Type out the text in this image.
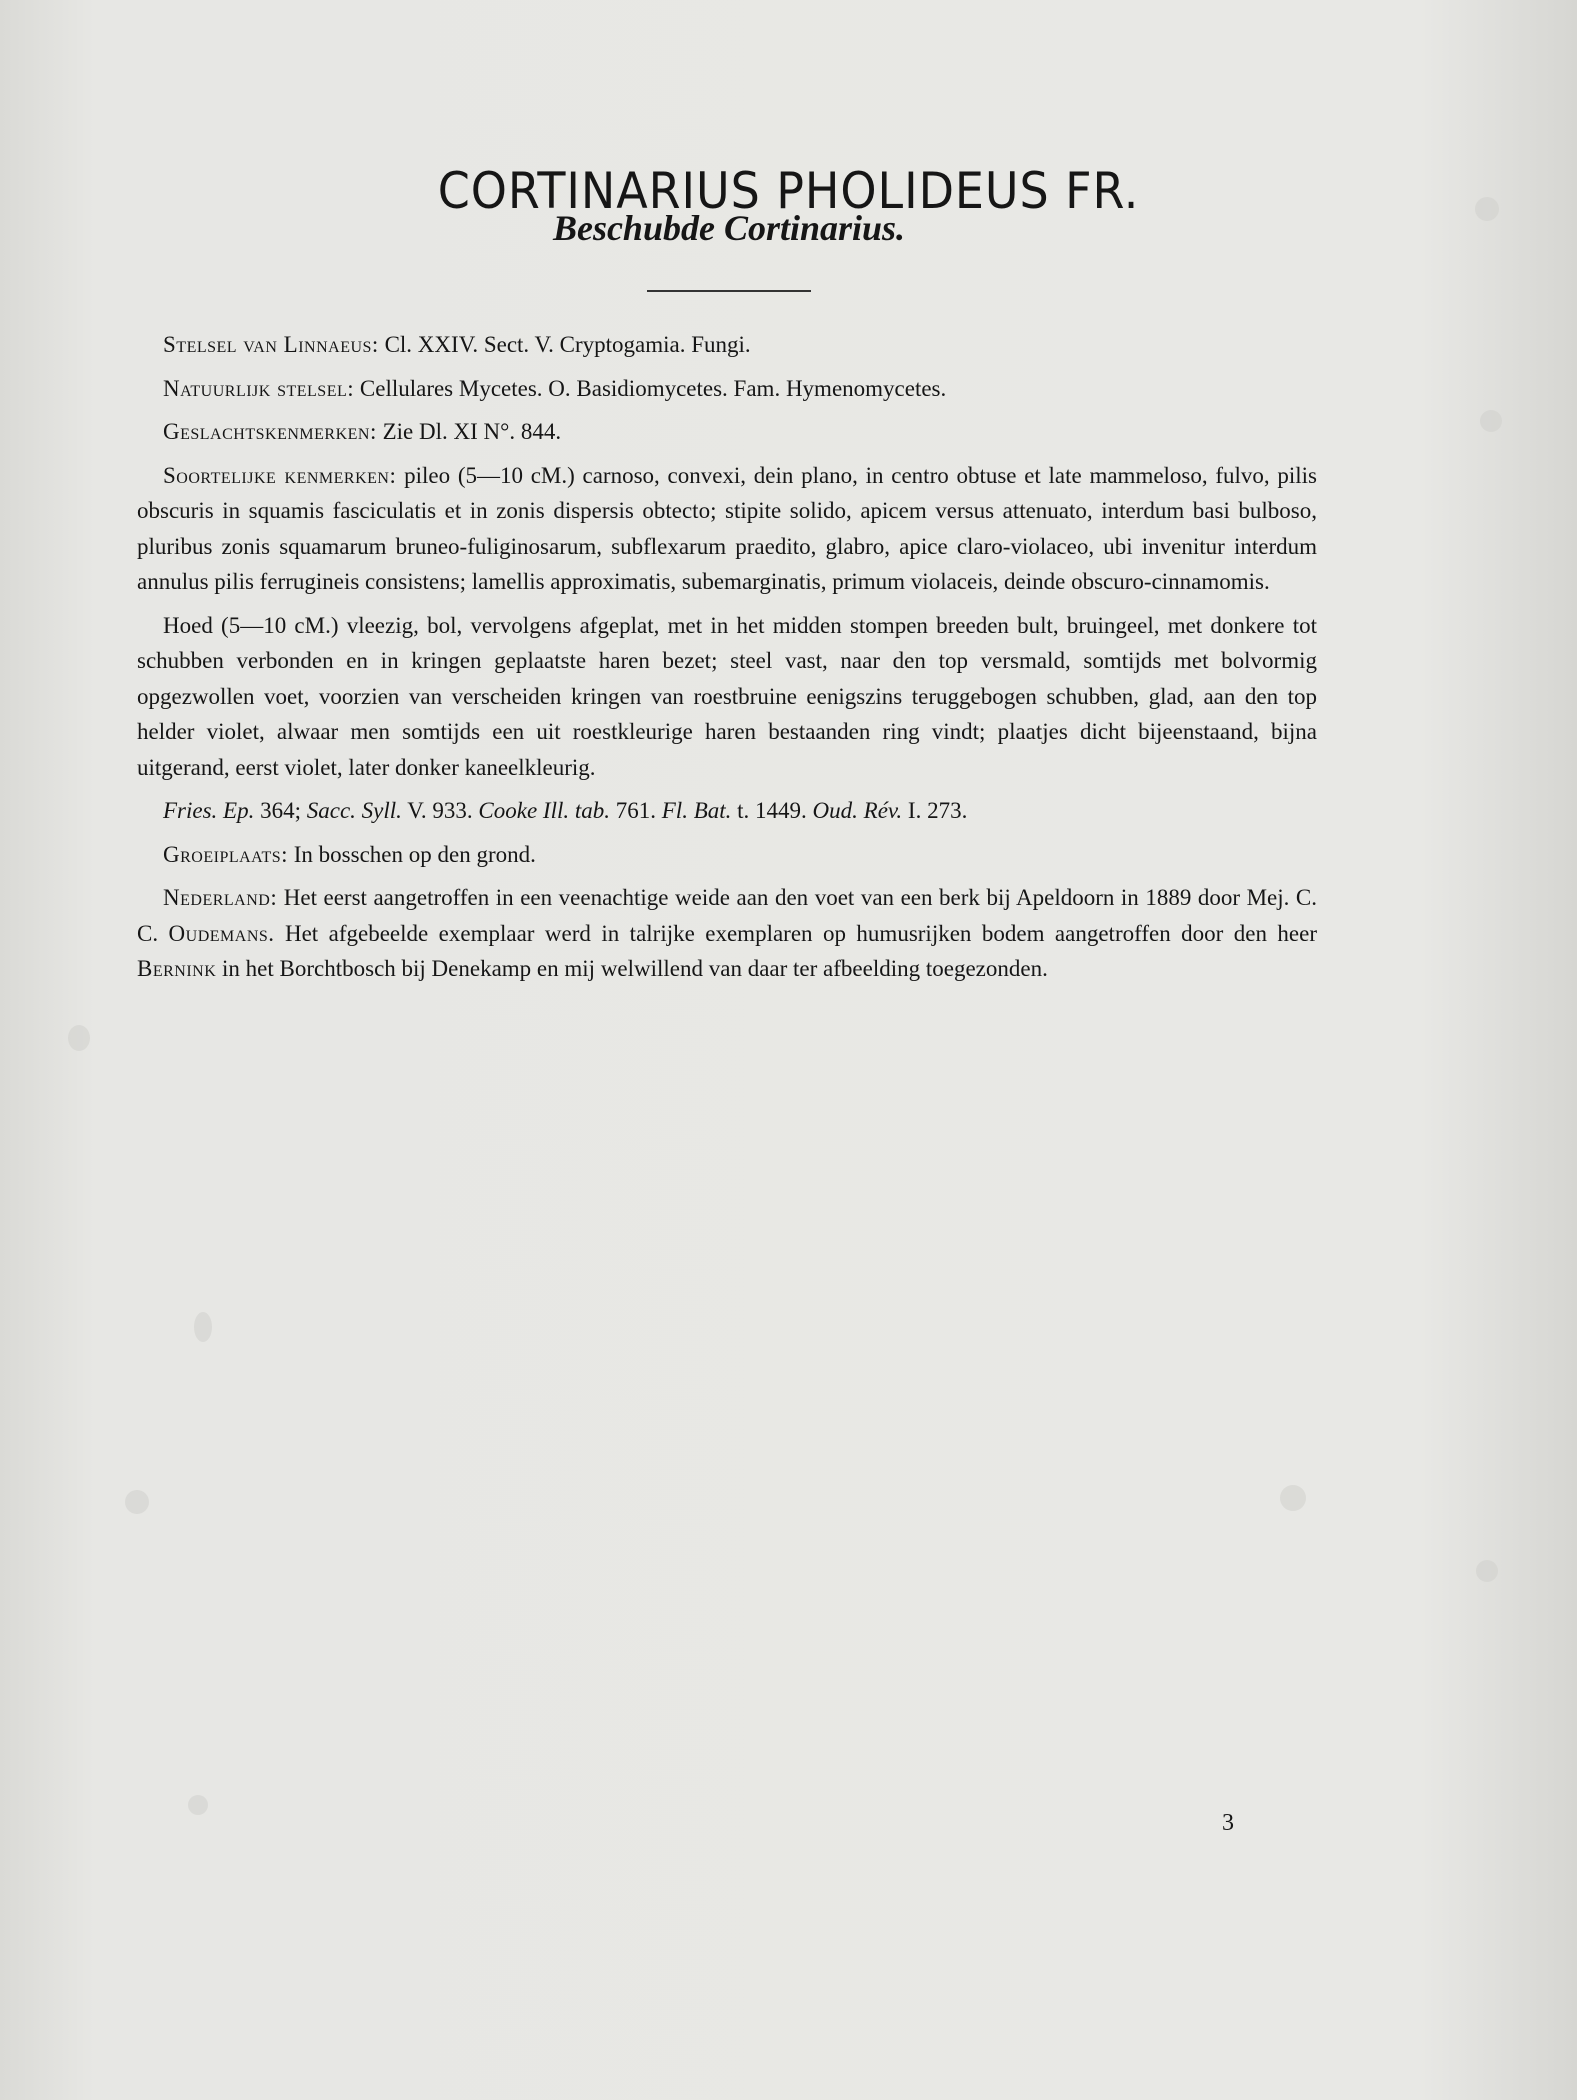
CORTINARIUS PHOLIDEUS FR.
Beschubde Cortinarius.

Stelsel van Linnaeus: Cl. XXIV. Sect. V. Cryptogamia. Fungi.

Natuurlijk stelsel: Cellulares Mycetes. O. Basidiomycetes. Fam. Hymenomycetes.

Geslachtskenmerken: Zie Dl. XI N°. 844.

Soortelijke kenmerken: pileo (5—10 cM.) carnoso, convexi, dein plano, in centro obtuse et late mammeloso, fulvo, pilis obscuris in squamis fasciculatis et in zonis dispersis obtecto; stipite solido, apicem versus attenuato, interdum basi bulboso, pluribus zonis squamarum bruneo-fuliginosarum, subflexarum praedito, glabro, apice claro-violaceo, ubi invenitur interdum annulus pilis ferrugineis consistens; lamellis approximatis, subemarginatis, primum violaceis, deinde obscuro-cinnamomis.

Hoed (5—10 cM.) vleezig, bol, vervolgens afgeplat, met in het midden stompen breeden bult, bruingeel, met donkere tot schubben verbonden en in kringen geplaatste haren bezet; steel vast, naar den top versmald, somtijds met bolvormig opgezwollen voet, voorzien van verscheiden kringen van roestbruine eenigszins teruggebogen schubben, glad, aan den top helder violet, alwaar men somtijds een uit roestkleurige haren bestaanden ring vindt; plaatjes dicht bijeenstaand, bijna uitgerand, eerst violet, later donker kaneelkleurig.

Fries. Ep. 364; Sacc. Syll. V. 933. Cooke Ill. tab. 761. Fl. Bat. t. 1449. Oud. Rév. I. 273.

Groeiplaats: In bosschen op den grond.

Nederland: Het eerst aangetroffen in een veenachtige weide aan den voet van een berk bij Apeldoorn in 1889 door Mej. C. C. Oudemans. Het afgebeelde exemplaar werd in talrijke exemplaren op humusrijken bodem aangetroffen door den heer Bernink in het Borchtbosch bij Denekamp en mij welwillend van daar ter afbeelding toegezonden.

3
